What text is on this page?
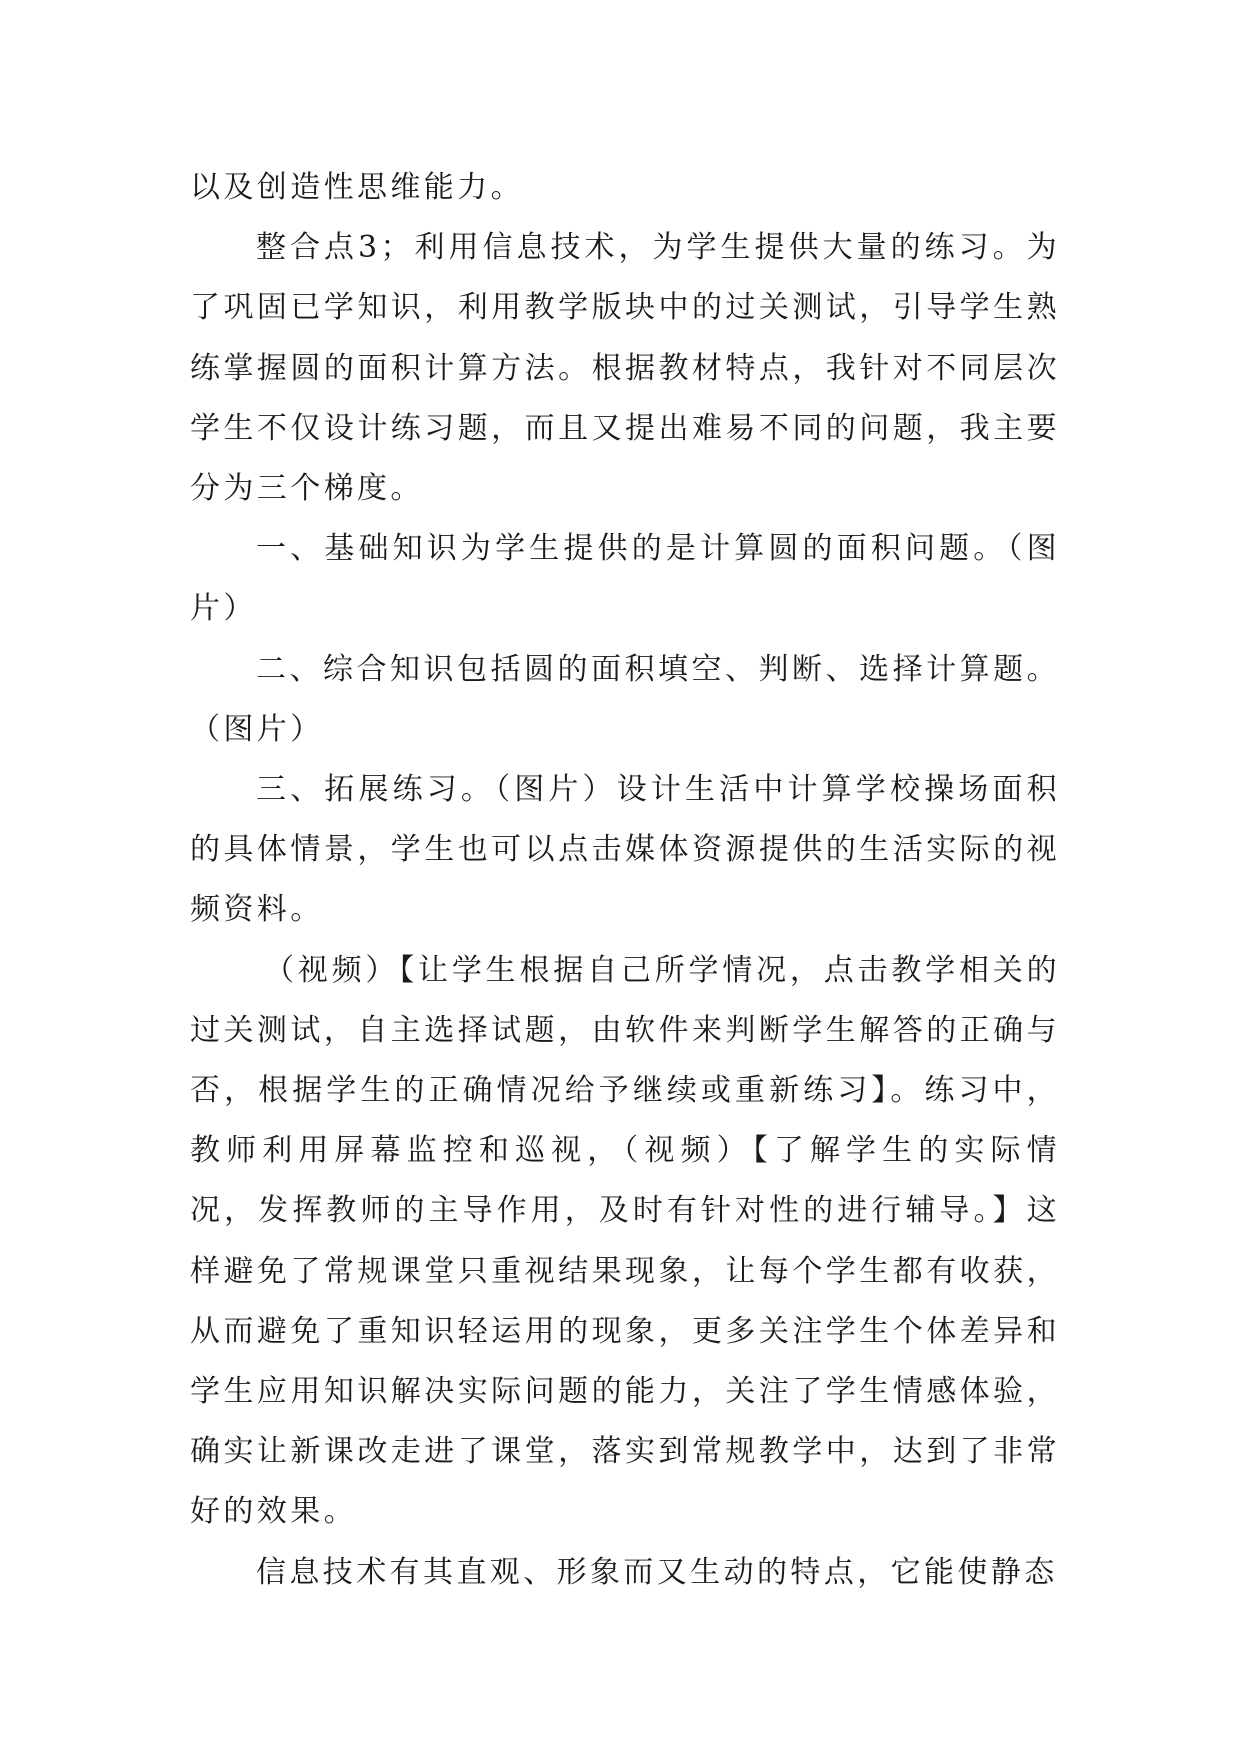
以及创造性思维能力。

整合点3；利用信息技术，为学生提供大量的练习。为了巩固已学知识，利用教学版块中的过关测试，引导学生熟练掌握圆的面积计算方法。根据教材特点，我针对不同层次学生不仅设计练习题，而且又提出难易不同的问题，我主要分为三个梯度。

一、基础知识为学生提供的是计算圆的面积问题。（图片）

二、综合知识包括圆的面积填空、判断、选择计算题。（图片）

三、拓展练习。（图片）设计生活中计算学校操场面积的具体情景，学生也可以点击媒体资源提供的生活实际的视频资料。

（视频）【让学生根据自己所学情况，点击教学相关的过关测试，自主选择试题，由软件来判断学生解答的正确与否，根据学生的正确情况给予继续或重新练习】。练习中，教师利用屏幕监控和巡视，（视频）【了解学生的实际情况，发挥教师的主导作用，及时有针对性的进行辅导。】这样避免了常规课堂只重视结果现象，让每个学生都有收获，从而避免了重知识轻运用的现象，更多关注学生个体差异和学生应用知识解决实际问题的能力，关注了学生情感体验，确实让新课改走进了课堂，落实到常规教学中，达到了非常好的效果。

信息技术有其直观、形象而又生动的特点，它能使静态
